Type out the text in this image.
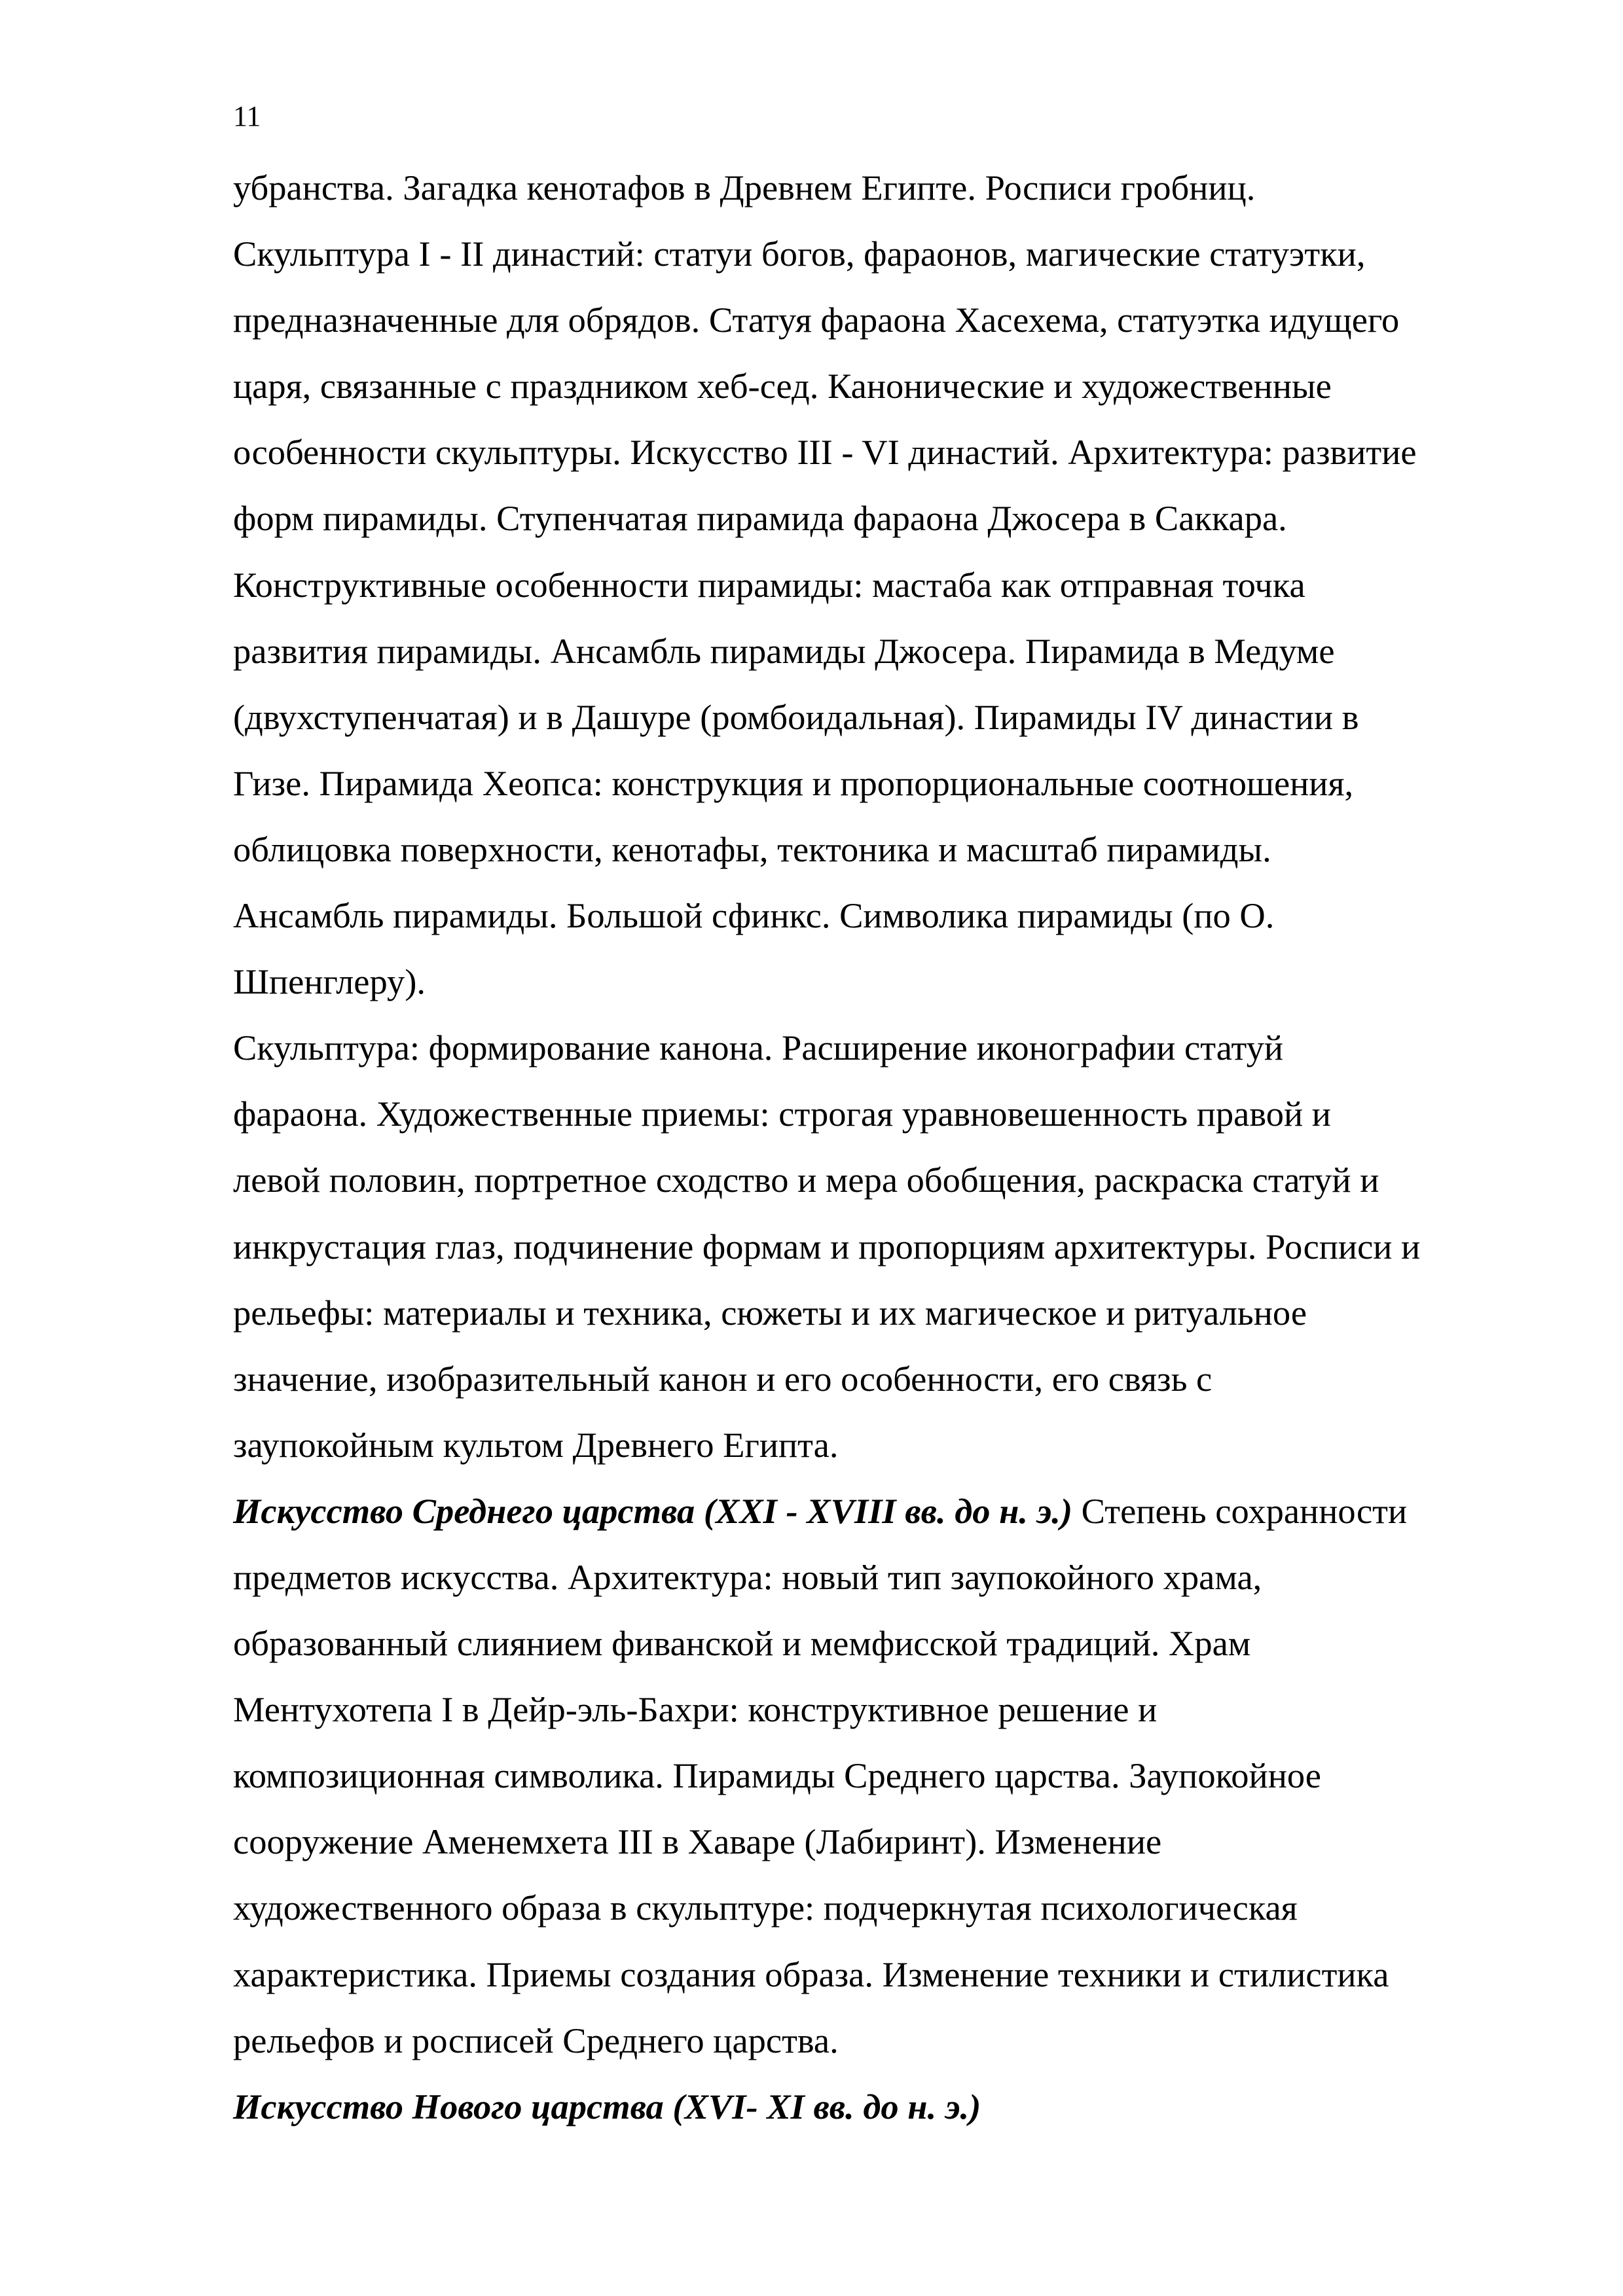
11
убранства. Загадка кенотафов в Древнем Египте. Росписи гробниц.
Скульптура I - II династий: статуи богов, фараонов, магические статуэтки,
предназначенные для обрядов. Статуя фараона Хасехема, статуэтка идущего
царя, связанные с праздником хеб-сед. Канонические и художественные
особенности скульптуры. Искусство III - VI династий. Архитектура: развитие
форм пирамиды. Ступенчатая пирамида фараона Джосера в Саккара.
Конструктивные особенности пирамиды: мастаба как отправная точка
развития пирамиды. Ансамбль пирамиды Джосера. Пирамида в Медуме
(двухступенчатая) и в Дашуре (ромбоидальная). Пирамиды IV династии в
Гизе. Пирамида Хеопса: конструкция и пропорциональные соотношения,
облицовка поверхности, кенотафы, тектоника и масштаб пирамиды.
Ансамбль пирамиды. Большой сфинкс. Символика пирамиды (по О.
Шпенглеру).
Скульптура: формирование канона. Расширение иконографии статуй
фараона. Художественные приемы: строгая уравновешенность правой и
левой половин, портретное сходство и мера обобщения, раскраска статуй и
инкрустация глаз, подчинение формам и пропорциям архитектуры. Росписи и
рельефы: материалы и техника, сюжеты и их магическое и ритуальное
значение, изобразительный канон и его особенности, его связь с
заупокойным культом Древнего Египта.
Искусство Среднего царства (XXI - XVIII вв. до н. э.) Степень сохранности
предметов искусства. Архитектура: новый тип заупокойного храма,
образованный слиянием фиванской и мемфисской традиций. Храм
Ментухотепа I в Дейр-эль-Бахри: конструктивное решение и
композиционная символика. Пирамиды Среднего царства. Заупокойное
сооружение Аменемхета III в Хаваре (Лабиринт). Изменение
художественного образа в скульптуре: подчеркнутая психологическая
характеристика. Приемы создания образа. Изменение техники и стилистика
рельефов и росписей Среднего царства.
Искусство Нового царства (XVI- XI вв. до н. э.)
